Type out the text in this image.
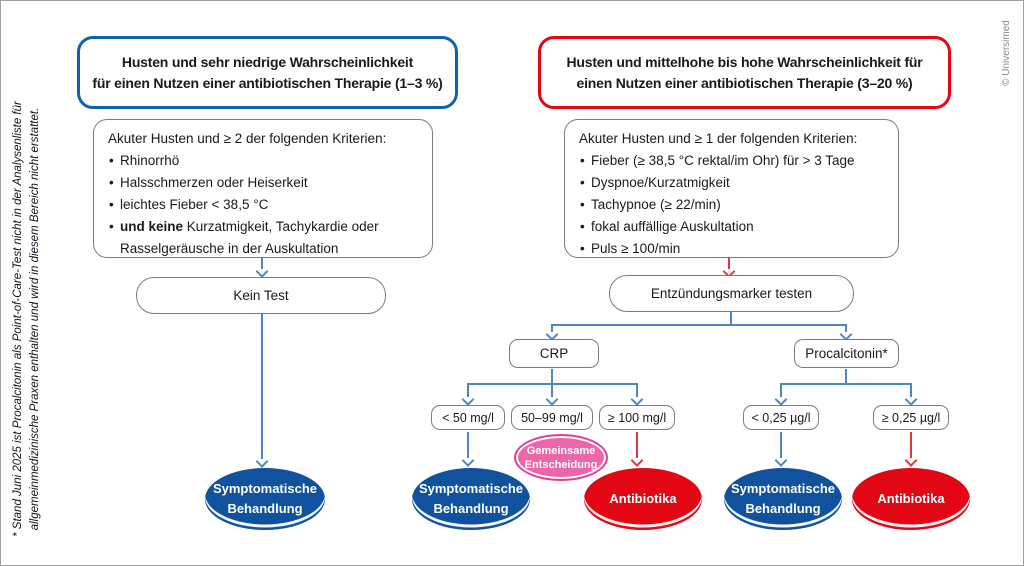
* Stand Juni 2025 ist Procalcitonin als Point-of-Care-Test nicht in der Analysenliste für allgemeinmedizinische Praxen enthalten und wird in diesem Bereich nicht erstattet.
© Universimed
Husten und sehr niedrige Wahrscheinlichkeit
für einen Nutzen einer antibiotischen Therapie (1–3 %)
Husten und mittelhohe bis hohe Wahrscheinlichkeit für
einen Nutzen einer antibiotischen Therapie (3–20 %)
Akuter Husten und ≥ 2 der folgenden Kriterien:
• Rhinorrhö
• Halsschmerzen oder Heiserkeit
• leichtes Fieber < 38,5 °C
• und keine Kurzatmigkeit, Tachykardie oder Rasselgeräusche in der Auskultation
Akuter Husten und ≥ 1 der folgenden Kriterien:
• Fieber (≥ 38,5 °C rektal/im Ohr) für > 3 Tage
• Dyspnoe/Kurzatmigkeit
• Tachypnoe (≥ 22/min)
• fokal auffällige Auskultation
• Puls ≥ 100/min
Kein Test	Entzündungsmarker testen
CRP	Procalcitonin*
< 50 mg/l	50–99 mg/l	≥ 100 mg/l	< 0,25 µg/l	≥ 0,25 µg/l
Symptomatische Behandlung
Symptomatische Behandlung
Antibiotika
Symptomatische Behandlung
Antibiotika
Gemeinsame Entscheidung
